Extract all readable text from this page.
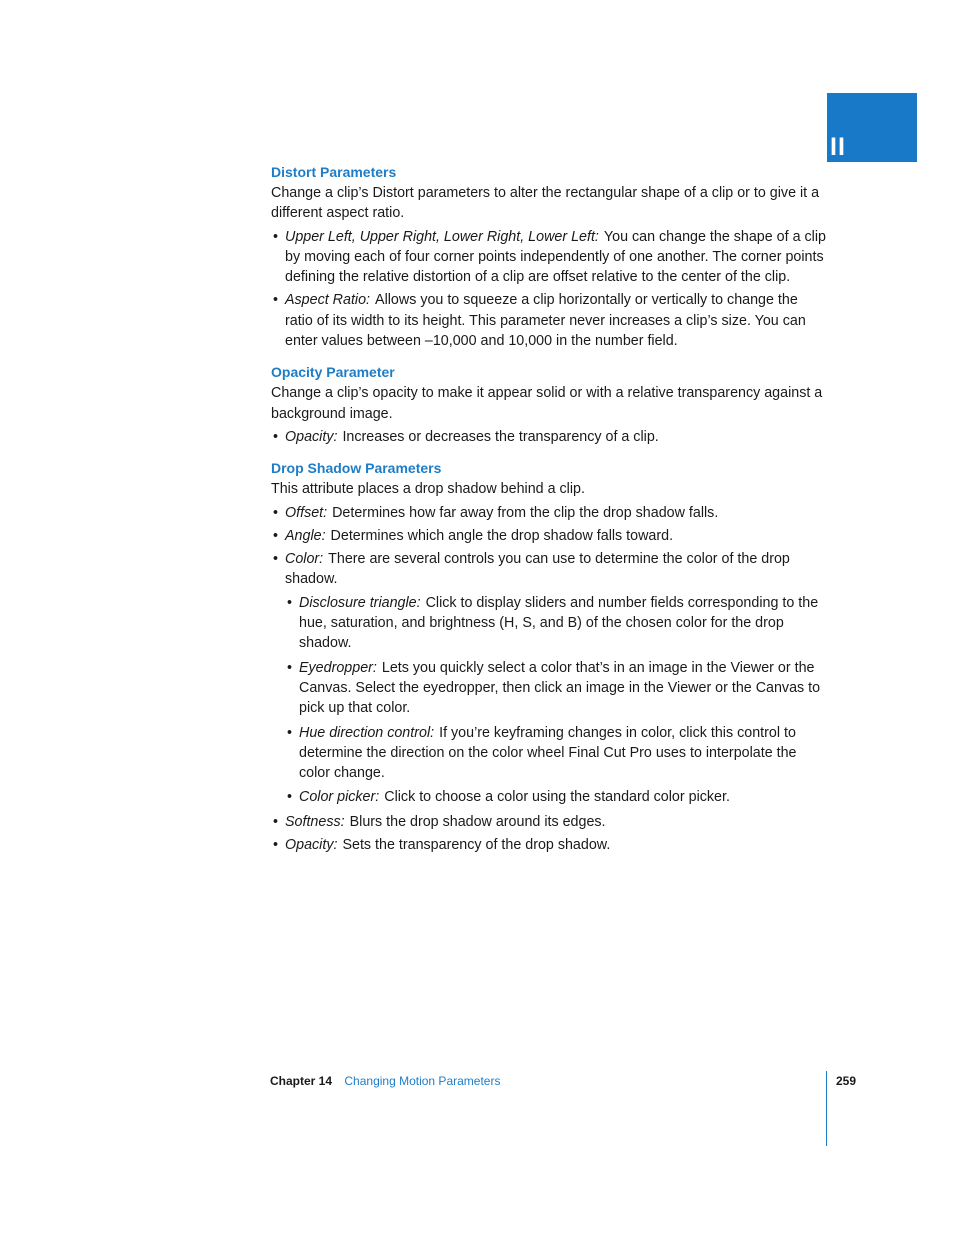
II
Distort Parameters

Change a clip’s Distort parameters to alter the rectangular shape of a clip or to give it a different aspect ratio.

• Upper Left, Upper Right, Lower Right, Lower Left: You can change the shape of a clip by moving each of four corner points independently of one another. The corner points defining the relative distortion of a clip are offset relative to the center of the clip.
• Aspect Ratio: Allows you to squeeze a clip horizontally or vertically to change the ratio of its width to its height. This parameter never increases a clip’s size. You can enter values between –10,000 and 10,000 in the number field.
Opacity Parameter

Change a clip’s opacity to make it appear solid or with a relative transparency against a background image.

• Opacity: Increases or decreases the transparency of a clip.
Drop Shadow Parameters

This attribute places a drop shadow behind a clip.

• Offset: Determines how far away from the clip the drop shadow falls.
• Angle: Determines which angle the drop shadow falls toward.
• Color: There are several controls you can use to determine the color of the drop shadow.
• Disclosure triangle: Click to display sliders and number fields corresponding to the hue, saturation, and brightness (H, S, and B) of the chosen color for the drop shadow.
• Eyedropper: Lets you quickly select a color that’s in an image in the Viewer or the Canvas. Select the eyedropper, then click an image in the Viewer or the Canvas to pick up that color.
• Hue direction control: If you’re keyframing changes in color, click this control to determine the direction on the color wheel Final Cut Pro uses to interpolate the color change.
• Color picker: Click to choose a color using the standard color picker.
• Softness: Blurs the drop shadow around its edges.
• Opacity: Sets the transparency of the drop shadow.
Chapter 14 Changing Motion Parameters	259
